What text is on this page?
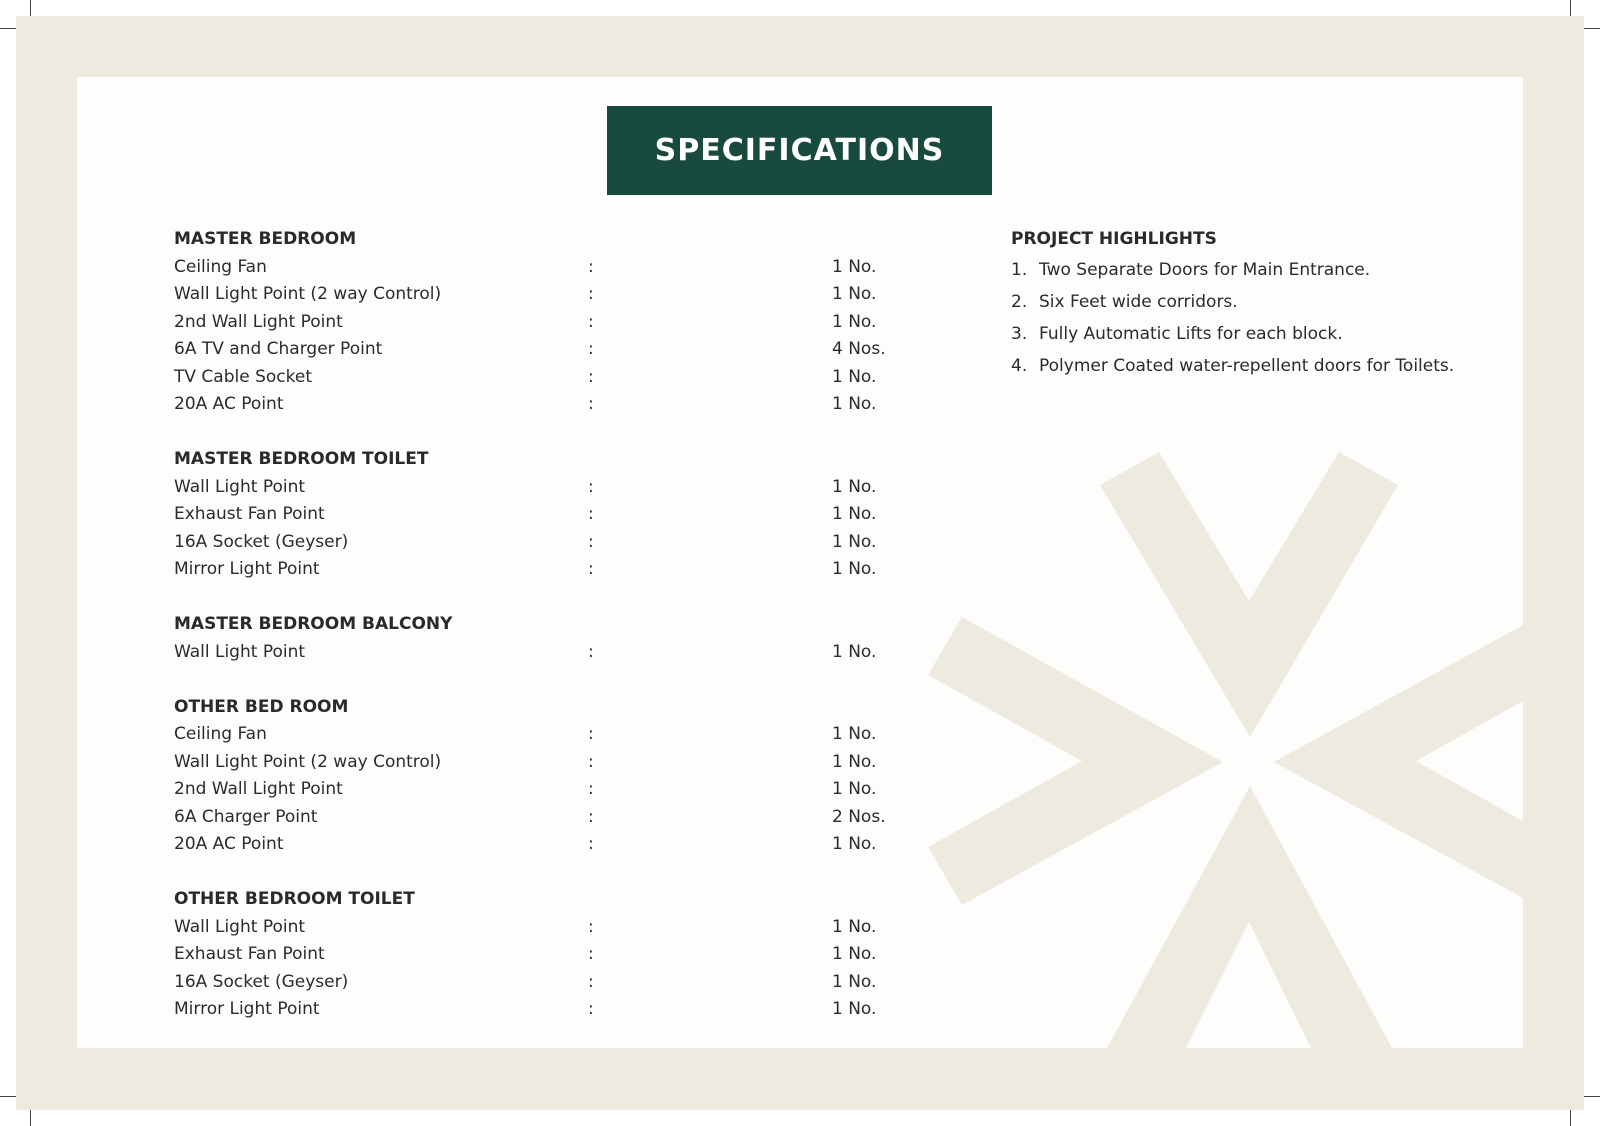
SPECIFICATIONS
MASTER BEDROOM
Ceiling Fan	:	1 No.
Wall Light Point (2 way Control)	:	1 No.
2nd Wall Light Point	:	1 No.
6A TV and Charger Point	:	4 Nos.
TV Cable Socket	:	1 No.
20A AC Point	:	1 No.
MASTER BEDROOM TOILET
Wall Light Point	:	1 No.
Exhaust Fan Point	:	1 No.
16A Socket (Geyser)	:	1 No.
Mirror Light Point	:	1 No.
MASTER BEDROOM BALCONY
Wall Light Point	:	1 No.
OTHER BED ROOM
Ceiling Fan	:	1 No.
Wall Light Point (2 way Control)	:	1 No.
2nd Wall Light Point	:	1 No.
6A Charger Point	:	2 Nos.
20A AC Point	:	1 No.
OTHER BEDROOM TOILET
Wall Light Point	:	1 No.
Exhaust Fan Point	:	1 No.
16A Socket (Geyser)	:	1 No.
Mirror Light Point	:	1 No.
PROJECT HIGHLIGHTS
1. Two Separate Doors for Main Entrance.
2. Six Feet wide corridors.
3. Fully Automatic Lifts for each block.
4. Polymer Coated water-repellent doors for Toilets.
